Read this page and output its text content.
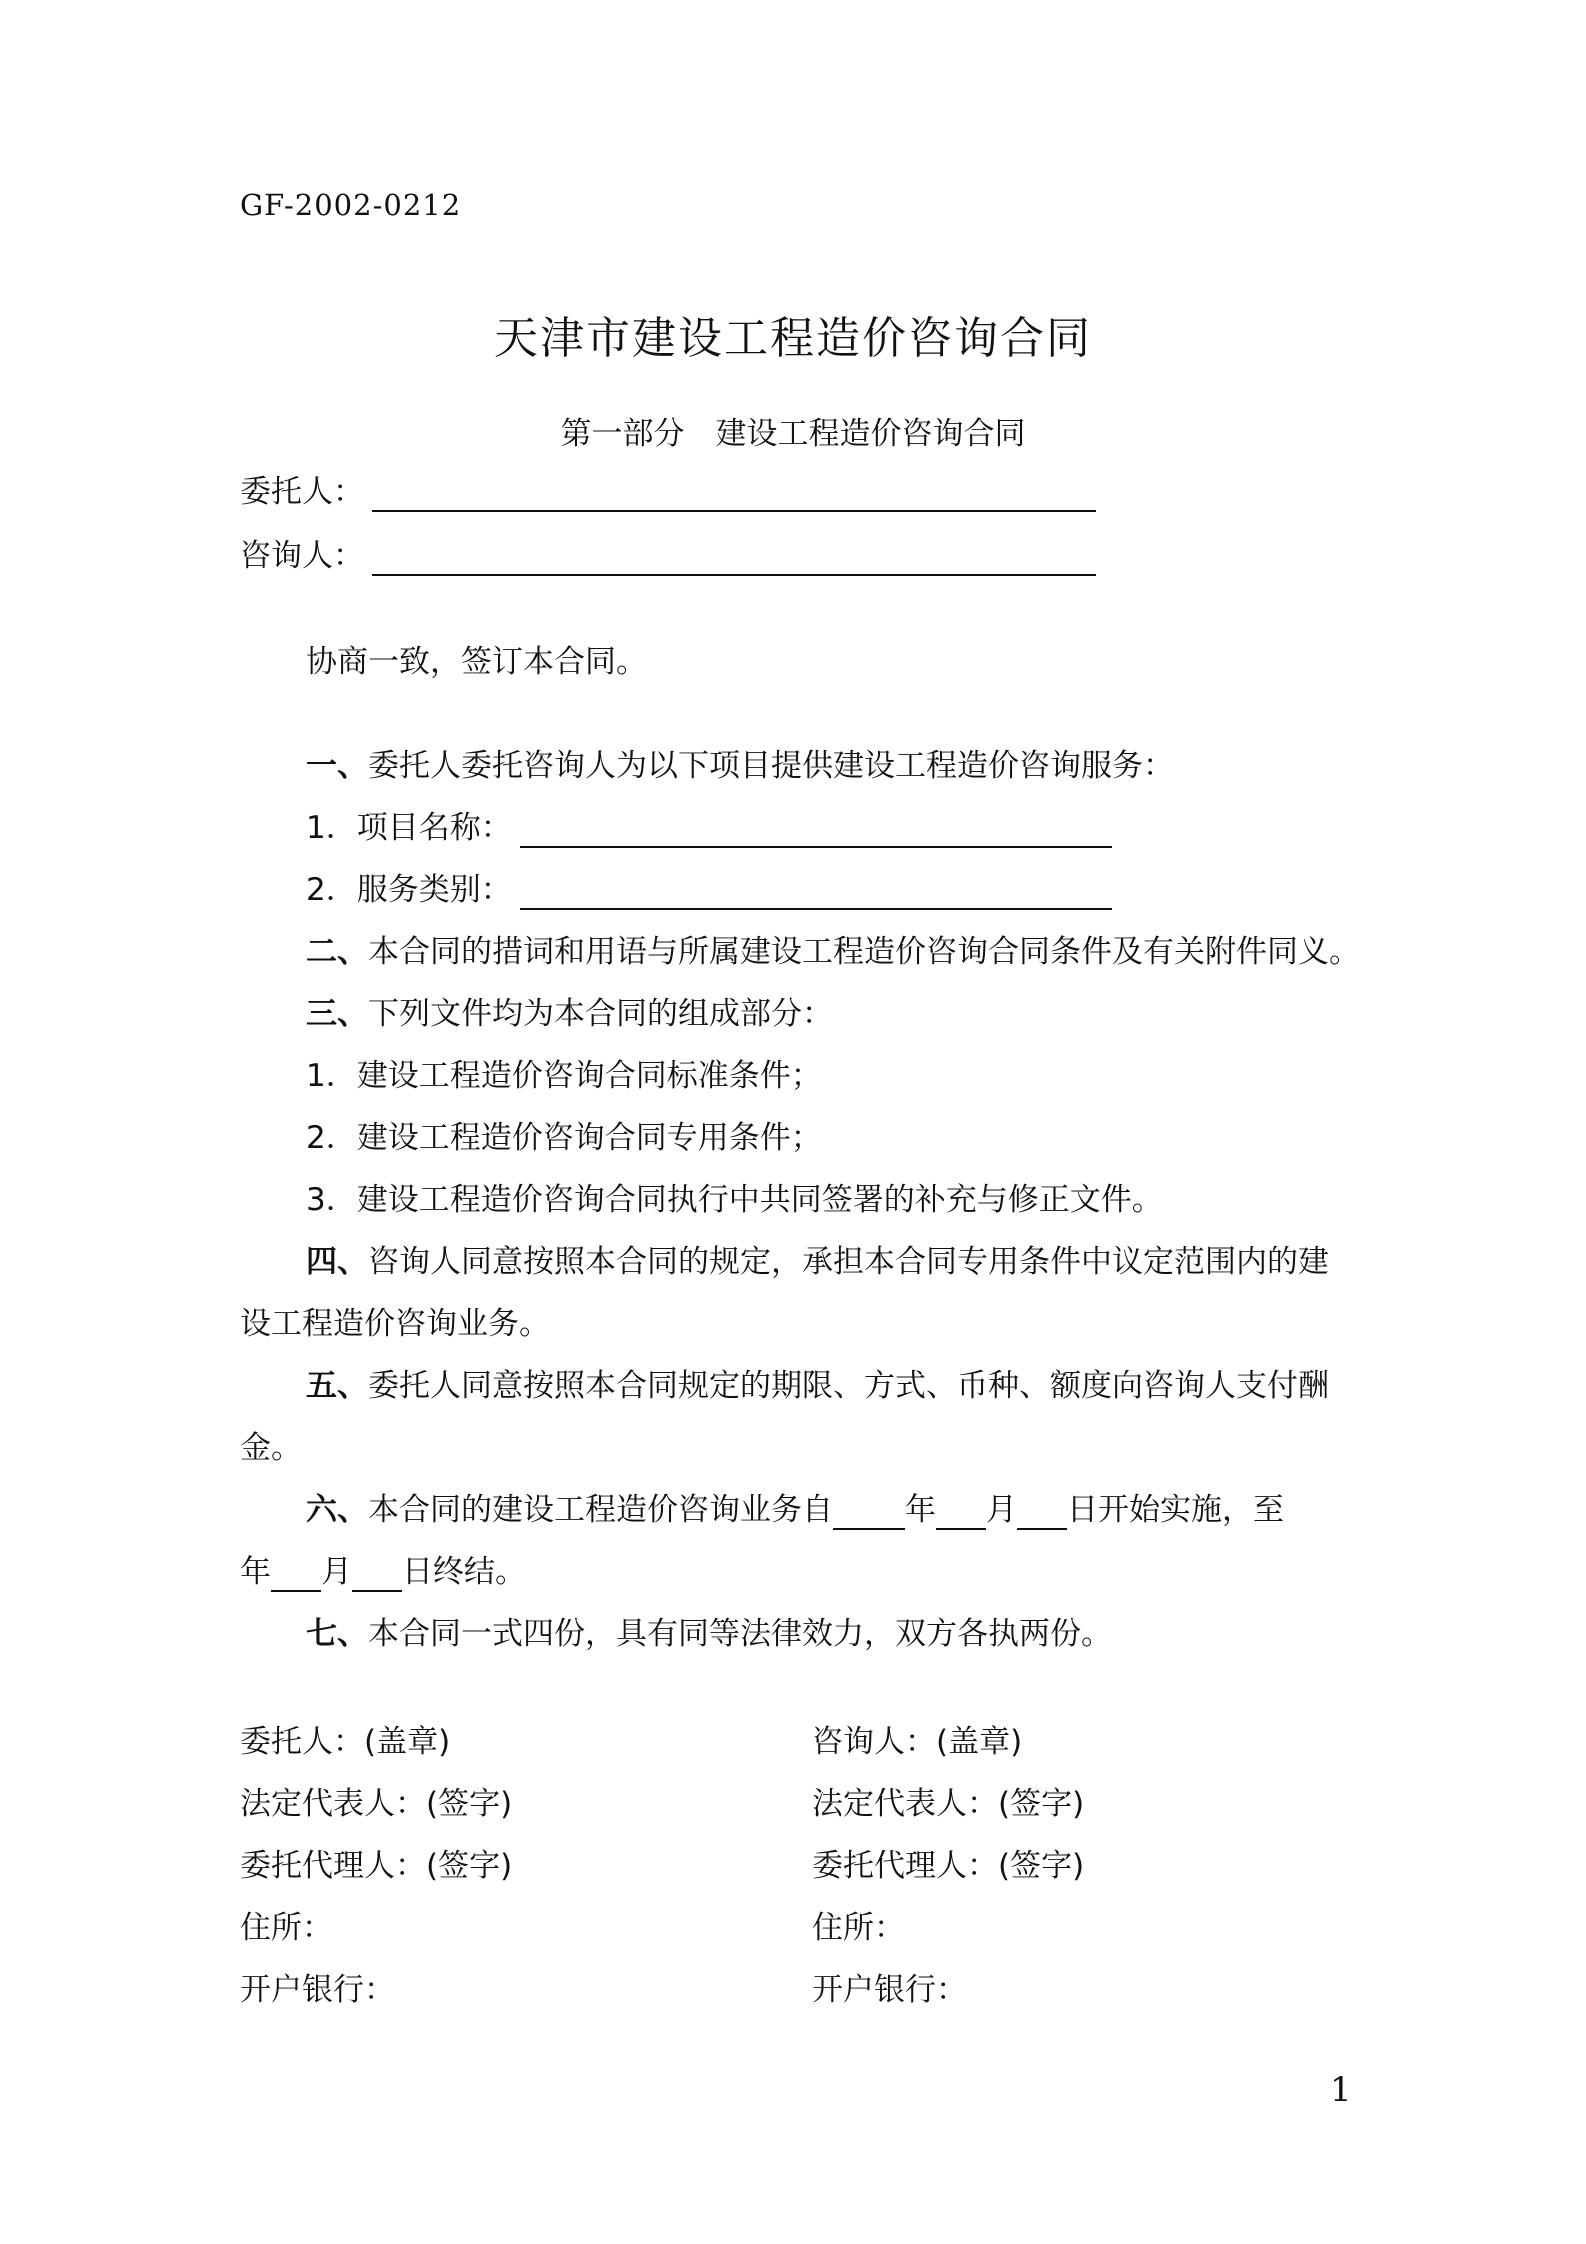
GF-2002-0212
天津市建设工程造价咨询合同
第一部分　建设工程造价咨询合同
委托人：
咨询人：
协商一致，签订本合同。
一、委托人委托咨询人为以下项目提供建设工程造价咨询服务：
1．项目名称：
2．服务类别：
二、本合同的措词和用语与所属建设工程造价咨询合同条件及有关附件同义。
三、下列文件均为本合同的组成部分：
1．建设工程造价咨询合同标准条件；
2．建设工程造价咨询合同专用条件；
3．建设工程造价咨询合同执行中共同签署的补充与修正文件。
四、咨询人同意按照本合同的规定，承担本合同专用条件中议定范围内的建
设工程造价咨询业务。
五、委托人同意按照本合同规定的期限、方式、币种、额度向咨询人支付酬
金。
六、本合同的建设工程造价咨询业务自 年 月 日开始实施，至
年 月 日终结。
七、本合同一式四份，具有同等法律效力，双方各执两份。
委托人：(盖章)
法定代表人：(签字)
委托代理人：(签字)
住所：
开户银行：
咨询人：(盖章)
法定代表人：(签字)
委托代理人：(签字)
住所：
开户银行：
1
